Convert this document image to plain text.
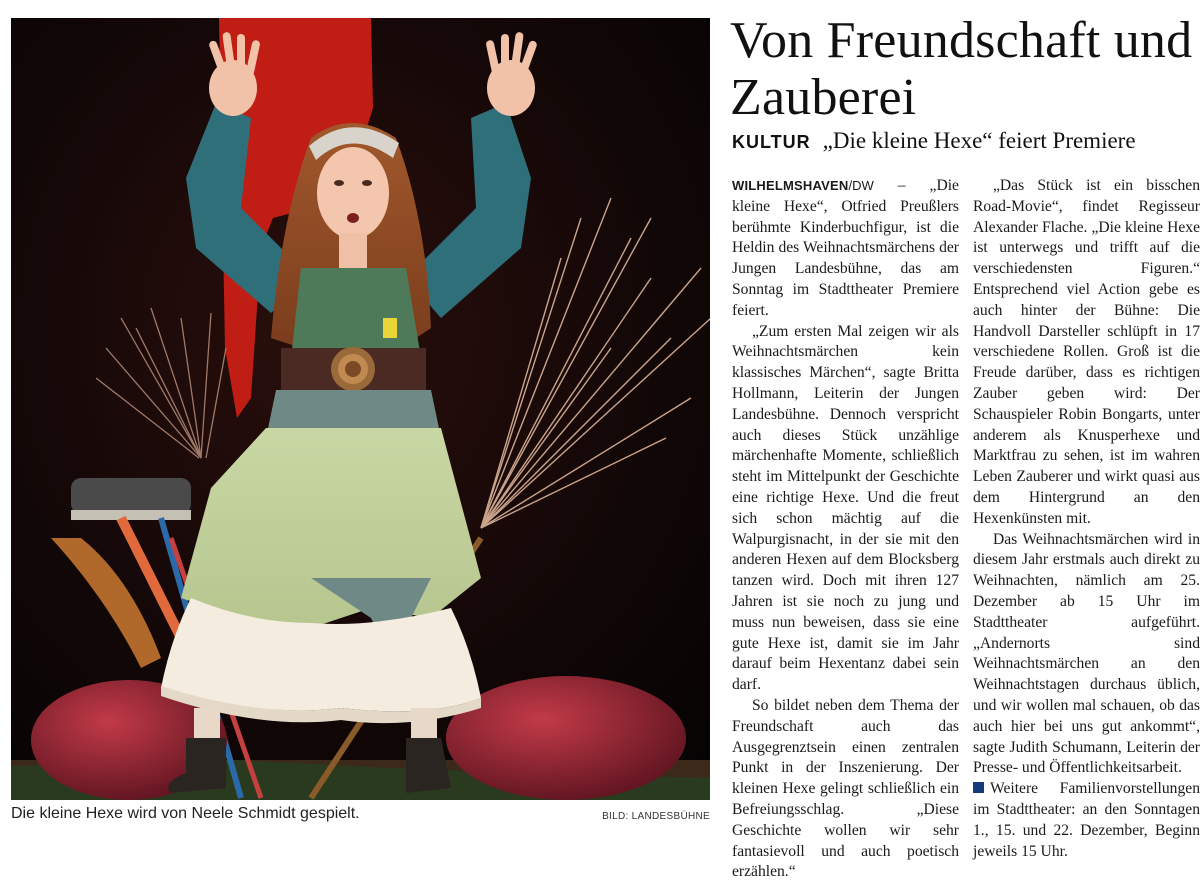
Die kleine Hexe wird von Neele Schmidt gespielt.	BILD: LANDESBÜHNE
Von Freundschaft und Zauberei
KULTUR „Die kleine Hexe“ feiert Premiere

WILHELMSHAVEN/DW – „Die kleine Hexe“, Otfried Preußlers berühmte Kinderbuchfigur, ist die Heldin des Weihnachtsmärchens der Jungen Landesbühne, das am Sonntag im Stadttheater Premiere feiert.

„Zum ersten Mal zeigen wir als Weihnachtsmärchen kein klassisches Märchen“, sagte Britta Hollmann, Leiterin der Jungen Landesbühne. Dennoch verspricht auch dieses Stück unzählige märchenhafte Momente, schließlich steht im Mittelpunkt der Geschichte eine richtige Hexe. Und die freut sich schon mächtig auf die Walpurgisnacht, in der sie mit den anderen Hexen auf dem Blocksberg tanzen wird. Doch mit ihren 127 Jahren ist sie noch zu jung und muss nun beweisen, dass sie eine gute Hexe ist, damit sie im Jahr darauf beim Hexentanz dabei sein darf.

So bildet neben dem Thema der Freundschaft auch das Ausgegrenztsein einen zentralen Punkt in der Inszenierung. Der kleinen Hexe gelingt schließlich ein Befreiungsschlag. „Diese Geschichte wollen wir sehr fantasievoll und auch poetisch erzählen.“

„Das Stück ist ein bisschen Road-Movie“, findet Regisseur Alexander Flache. „Die kleine Hexe ist unterwegs und trifft auf die verschiedensten Figuren.“ Entsprechend viel Action gebe es auch hinter der Bühne: Die Handvoll Darsteller schlüpft in 17 verschiedene Rollen. Groß ist die Freude darüber, dass es richtigen Zauber geben wird: Der Schauspieler Robin Bongarts, unter anderem als Knusperhexe und Marktfrau zu sehen, ist im wahren Leben Zauberer und wirkt quasi aus dem Hintergrund an den Hexenkünsten mit.

Das Weihnachtsmärchen wird in diesem Jahr erstmals auch direkt zu Weihnachten, nämlich am 25. Dezember ab 15 Uhr im Stadttheater aufgeführt. „Andernorts sind Weihnachtsmärchen an den Weihnachtstagen durchaus üblich, und wir wollen mal schauen, ob das auch hier bei uns gut ankommt“, sagte Judith Schumann, Leiterin der Presse- und Öffentlichkeitsarbeit.

Weitere Familienvorstellungen im Stadttheater: an den Sonntagen 1., 15. und 22. Dezember, Beginn jeweils 15 Uhr.
